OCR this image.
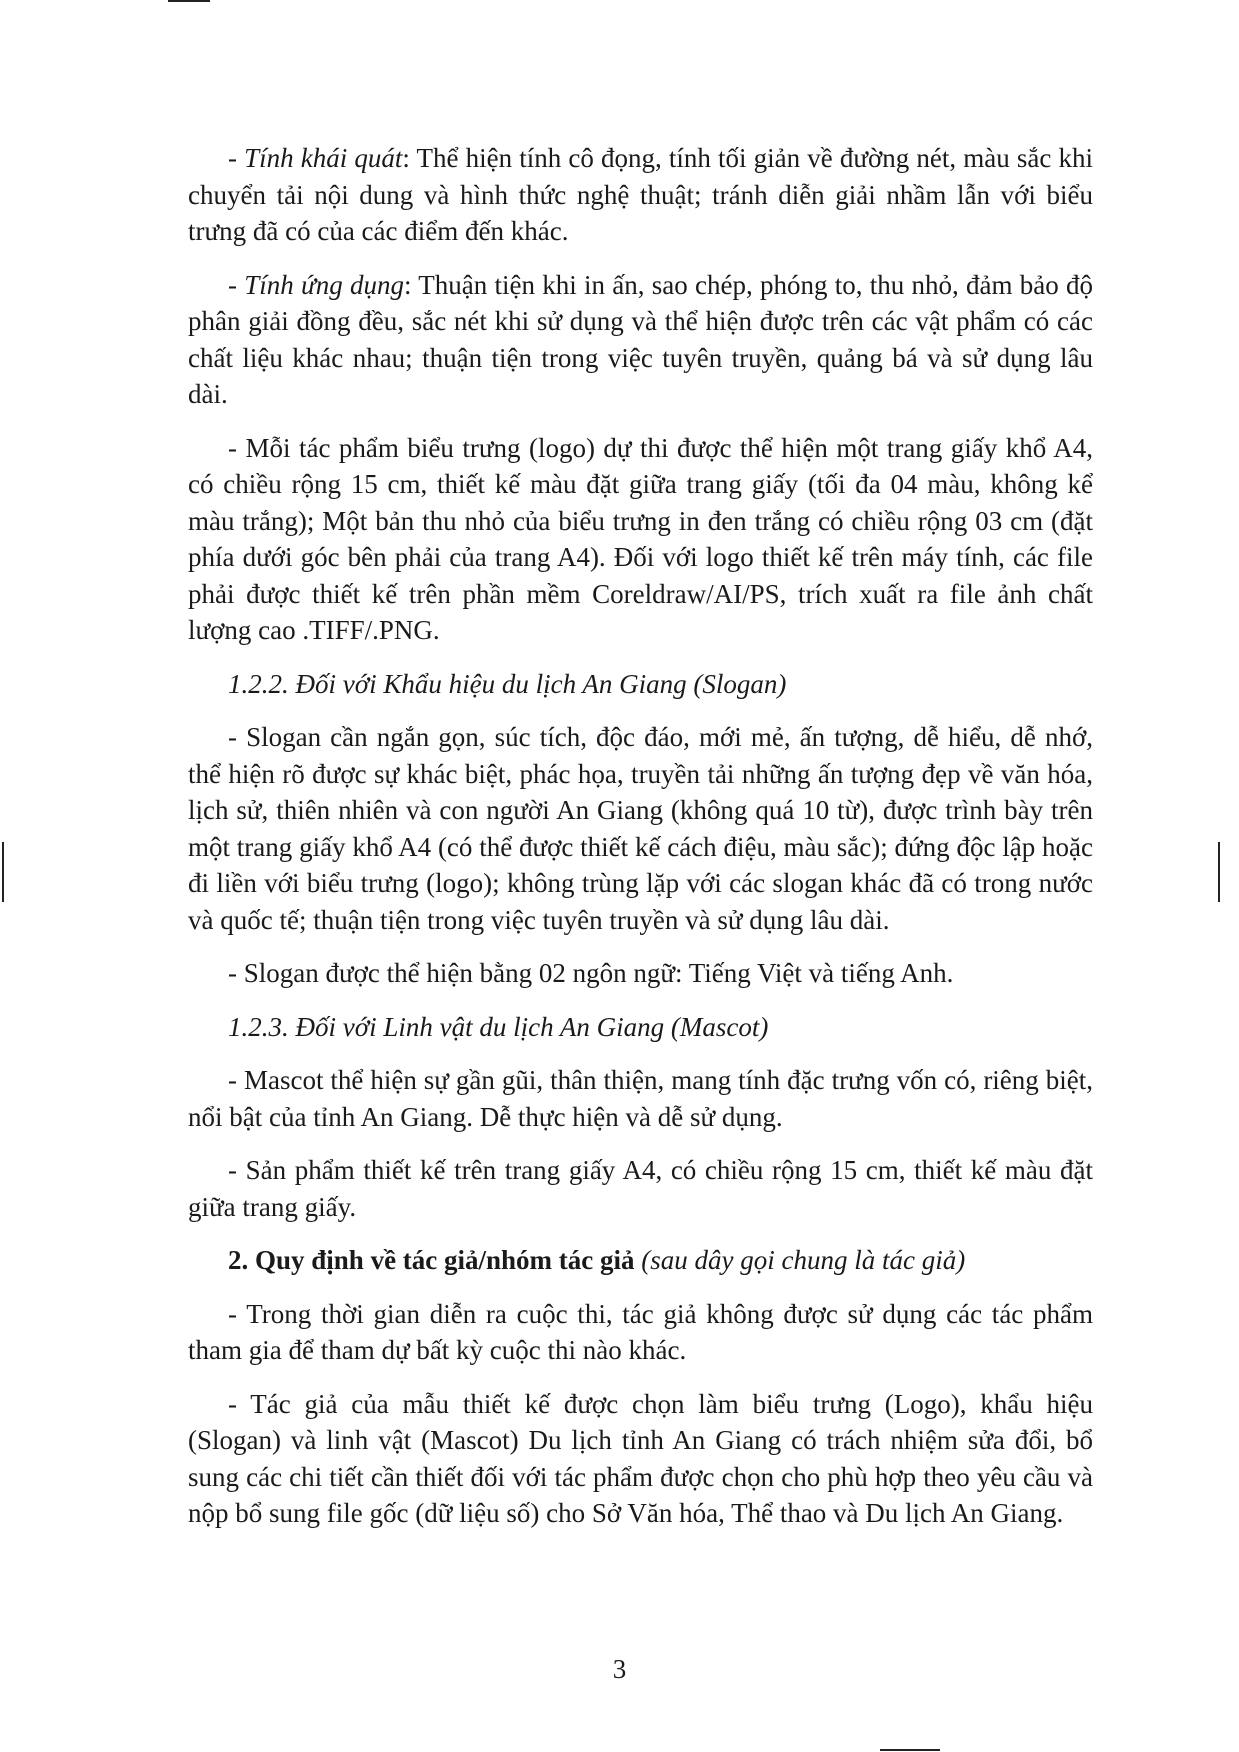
- Tính khái quát: Thể hiện tính cô đọng, tính tối giản về đường nét, màu sắc khi chuyển tải nội dung và hình thức nghệ thuật; tránh diễn giải nhầm lẫn với biểu trưng đã có của các điểm đến khác.

- Tính ứng dụng: Thuận tiện khi in ấn, sao chép, phóng to, thu nhỏ, đảm bảo độ phân giải đồng đều, sắc nét khi sử dụng và thể hiện được trên các vật phẩm có các chất liệu khác nhau; thuận tiện trong việc tuyên truyền, quảng bá và sử dụng lâu dài.

- Mỗi tác phẩm biểu trưng (logo) dự thi được thể hiện một trang giấy khổ A4, có chiều rộng 15 cm, thiết kế màu đặt giữa trang giấy (tối đa 04 màu, không kể màu trắng); Một bản thu nhỏ của biểu trưng in đen trắng có chiều rộng 03 cm (đặt phía dưới góc bên phải của trang A4). Đối với logo thiết kế trên máy tính, các file phải được thiết kế trên phần mềm Coreldraw/AI/PS, trích xuất ra file ảnh chất lượng cao .TIFF/.PNG.

1.2.2. Đối với Khẩu hiệu du lịch An Giang (Slogan)

- Slogan cần ngắn gọn, súc tích, độc đáo, mới mẻ, ấn tượng, dễ hiểu, dễ nhớ, thể hiện rõ được sự khác biệt, phác họa, truyền tải những ấn tượng đẹp về văn hóa, lịch sử, thiên nhiên và con người An Giang (không quá 10 từ), được trình bày trên một trang giấy khổ A4 (có thể được thiết kế cách điệu, màu sắc); đứng độc lập hoặc đi liền với biểu trưng (logo); không trùng lặp với các slogan khác đã có trong nước và quốc tế; thuận tiện trong việc tuyên truyền và sử dụng lâu dài.

- Slogan được thể hiện bằng 02 ngôn ngữ: Tiếng Việt và tiếng Anh.

1.2.3. Đối với Linh vật du lịch An Giang (Mascot)

- Mascot thể hiện sự gần gũi, thân thiện, mang tính đặc trưng vốn có, riêng biệt, nổi bật của tỉnh An Giang. Dễ thực hiện và dễ sử dụng.

- Sản phẩm thiết kế trên trang giấy A4, có chiều rộng 15 cm, thiết kế màu đặt giữa trang giấy.

2. Quy định về tác giả/nhóm tác giả (sau dây gọi chung là tác giả)

- Trong thời gian diễn ra cuộc thi, tác giả không được sử dụng các tác phẩm tham gia để tham dự bất kỳ cuộc thi nào khác.

- Tác giả của mẫu thiết kế được chọn làm biểu trưng (Logo), khẩu hiệu (Slogan) và linh vật (Mascot) Du lịch tỉnh An Giang có trách nhiệm sửa đổi, bổ sung các chi tiết cần thiết đối với tác phẩm được chọn cho phù hợp theo yêu cầu và nộp bổ sung file gốc (dữ liệu số) cho Sở Văn hóa, Thể thao và Du lịch An Giang.

3
